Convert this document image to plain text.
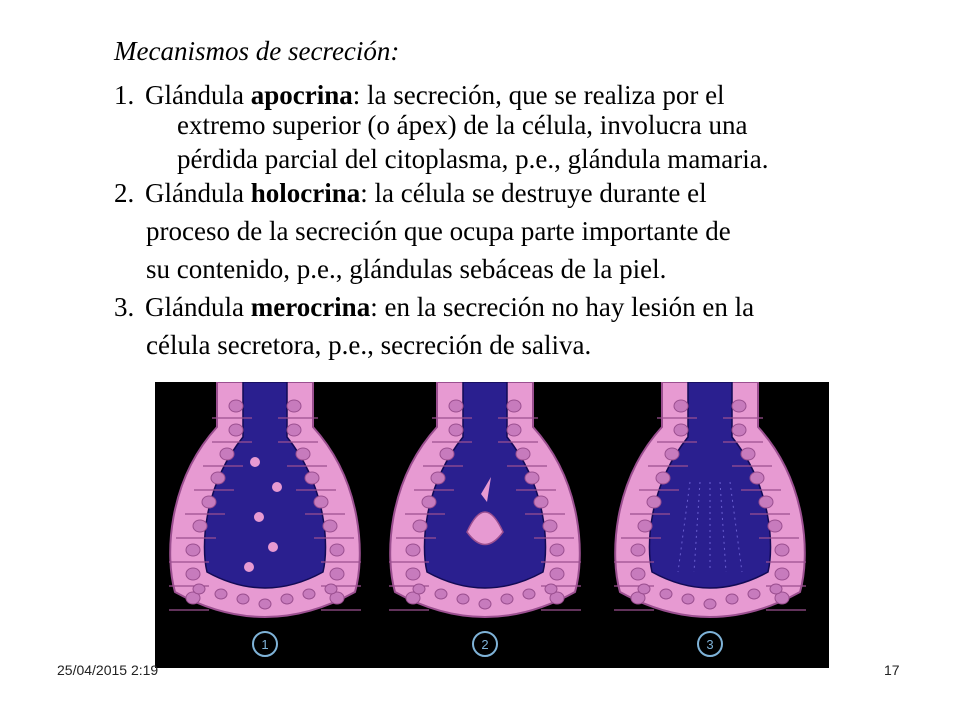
Mecanismos de secreción:
1. Glándula apocrina: la secreción, que se realiza por el
extremo superior (o ápex) de la célula, involucra una
pérdida parcial del citoplasma, p.e., glándula mamaria.
2. Glándula holocrina: la célula se destruye durante el
proceso de la secreción que ocupa parte importante de
su contenido, p.e., glándulas sebáceas de la piel.
3. Glándula merocrina: en la secreción no hay lesión en la
célula secretora, p.e., secreción de saliva.
1	2	3
25/04/2015 2:19	17
